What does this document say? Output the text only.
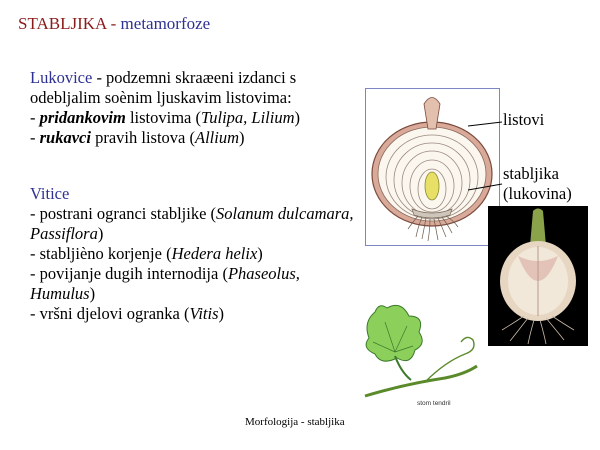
STABLJIKA - metamorfoze
Lukovice - podzemni skraæeni izdanci s odebljalim soènim ljuskavim listovima:
- pridankovim listovima (Tulipa, Lilium)
- rukavci pravih listova (Allium)
Vitice
- postrani ogranci stabljike (Solanum dulcamara, Passiflora)
- stabljièno korjenje (Hedera helix)
- povijanje dugih internodija (Phaseolus, Humulus)
- vršni djelovi ogranka (Vitis)
listovi
stabljika
(lukovina)
stom tendril
Morfologija - stabljika
